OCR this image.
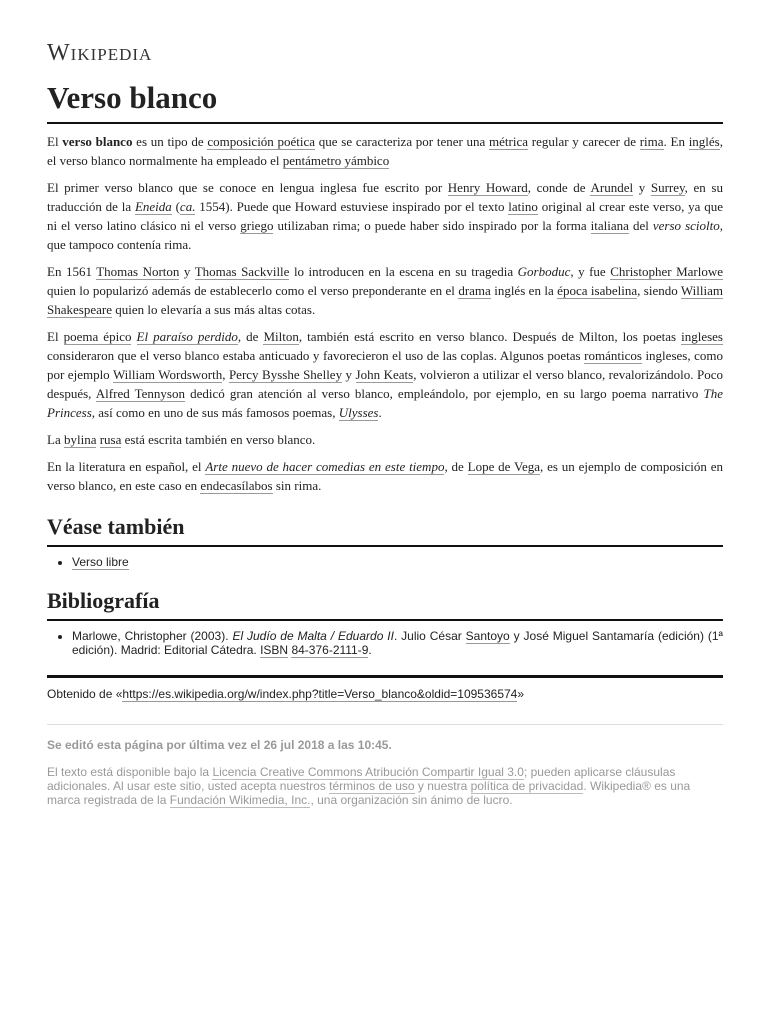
Wikipedia
Verso blanco

El verso blanco es un tipo de composición poética que se caracteriza por tener una métrica regular y carecer de rima. En inglés, el verso blanco normalmente ha empleado el pentámetro yámbico

El primer verso blanco que se conoce en lengua inglesa fue escrito por Henry Howard, conde de Arundel y Surrey, en su traducción de la Eneida (ca. 1554). Puede que Howard estuviese inspirado por el texto latino original al crear este verso, ya que ni el verso latino clásico ni el verso griego utilizaban rima; o puede haber sido inspirado por la forma italiana del verso sciolto, que tampoco contenía rima.

En 1561 Thomas Norton y Thomas Sackville lo introducen en la escena en su tragedia Gorboduc, y fue Christopher Marlowe quien lo popularizó además de establecerlo como el verso preponderante en el drama inglés en la época isabelina, siendo William Shakespeare quien lo elevaría a sus más altas cotas.

El poema épico El paraíso perdido, de Milton, también está escrito en verso blanco. Después de Milton, los poetas ingleses consideraron que el verso blanco estaba anticuado y favorecieron el uso de las coplas. Algunos poetas románticos ingleses, como por ejemplo William Wordsworth, Percy Bysshe Shelley y John Keats, volvieron a utilizar el verso blanco, revalorizándolo. Poco después, Alfred Tennyson dedicó gran atención al verso blanco, empleándolo, por ejemplo, en su largo poema narrativo The Princess, así como en uno de sus más famosos poemas, Ulysses.

La bylina rusa está escrita también en verso blanco.

En la literatura en español, el Arte nuevo de hacer comedias en este tiempo, de Lope de Vega, es un ejemplo de composición en verso blanco, en este caso en endecasílabos sin rima.

Véase también
• Verso libre
Bibliografía
• Marlowe, Christopher (2003). El Judío de Malta / Eduardo II. Julio César Santoyo y José Miguel Santamaría (edición) (1ª edición). Madrid: Editorial Cátedra. ISBN 84-376-2111-9.
Obtenido de «https://es.wikipedia.org/w/index.php?title=Verso_blanco&oldid=109536574»
Se editó esta página por última vez el 26 jul 2018 a las 10:45.
El texto está disponible bajo la Licencia Creative Commons Atribución Compartir Igual 3.0; pueden aplicarse cláusulas adicionales. Al usar este sitio, usted acepta nuestros términos de uso y nuestra política de privacidad. Wikipedia® es una marca registrada de la Fundación Wikimedia, Inc., una organización sin ánimo de lucro.
